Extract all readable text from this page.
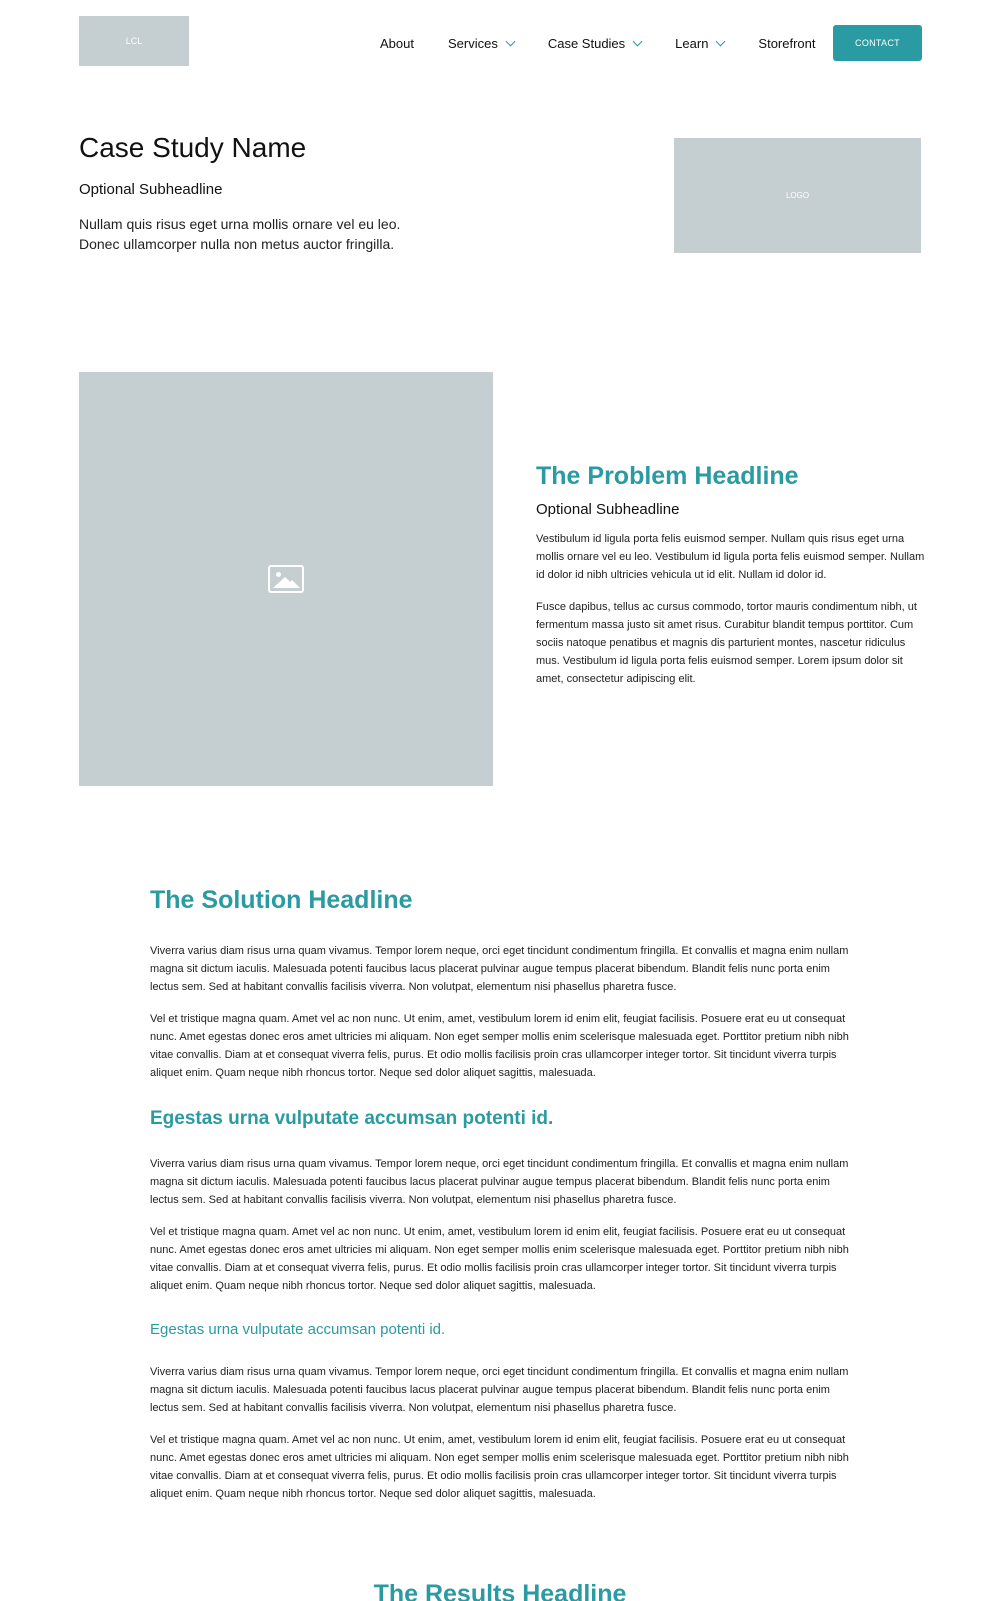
LCL	About	Services	Case Studies	Learn	Storefront	CONTACT
Case Study Name
Optional Subheadline

Nullam quis risus eget urna mollis ornare vel eu leo. Donec ullamcorper nulla non metus auctor fringilla.

LOGO
The Problem Headline
Optional Subheadline

Vestibulum id ligula porta felis euismod semper. Nullam quis risus eget urna mollis ornare vel eu leo. Vestibulum id ligula porta felis euismod semper. Nullam id dolor id nibh ultricies vehicula ut id elit. Nullam id dolor id.

Fusce dapibus, tellus ac cursus commodo, tortor mauris condimentum nibh, ut fermentum massa justo sit amet risus. Curabitur blandit tempus porttitor. Cum sociis natoque penatibus et magnis dis parturient montes, nascetur ridiculus mus. Vestibulum id ligula porta felis euismod semper. Lorem ipsum dolor sit amet, consectetur adipiscing elit.

The Solution Headline

Viverra varius diam risus urna quam vivamus. Tempor lorem neque, orci eget tincidunt condimentum fringilla. Et convallis et magna enim nullam magna sit dictum iaculis. Malesuada potenti faucibus lacus placerat pulvinar augue tempus placerat bibendum. Blandit felis nunc porta enim lectus sem. Sed at habitant convallis facilisis viverra. Non volutpat, elementum nisi phasellus pharetra fusce.

Vel et tristique magna quam. Amet vel ac non nunc. Ut enim, amet, vestibulum lorem id enim elit, feugiat facilisis. Posuere erat eu ut consequat nunc. Amet egestas donec eros amet ultricies mi aliquam. Non eget semper mollis enim scelerisque malesuada eget. Porttitor pretium nibh nibh vitae convallis. Diam at et consequat viverra felis, purus. Et odio mollis facilisis proin cras ullamcorper integer tortor. Sit tincidunt viverra turpis aliquet enim. Quam neque nibh rhoncus tortor. Neque sed dolor aliquet sagittis, malesuada.

Egestas urna vulputate accumsan potenti id.

Viverra varius diam risus urna quam vivamus. Tempor lorem neque, orci eget tincidunt condimentum fringilla. Et convallis et magna enim nullam magna sit dictum iaculis. Malesuada potenti faucibus lacus placerat pulvinar augue tempus placerat bibendum. Blandit felis nunc porta enim lectus sem. Sed at habitant convallis facilisis viverra. Non volutpat, elementum nisi phasellus pharetra fusce.

Vel et tristique magna quam. Amet vel ac non nunc. Ut enim, amet, vestibulum lorem id enim elit, feugiat facilisis. Posuere erat eu ut consequat nunc. Amet egestas donec eros amet ultricies mi aliquam. Non eget semper mollis enim scelerisque malesuada eget. Porttitor pretium nibh nibh vitae convallis. Diam at et consequat viverra felis, purus. Et odio mollis facilisis proin cras ullamcorper integer tortor. Sit tincidunt viverra turpis aliquet enim. Quam neque nibh rhoncus tortor. Neque sed dolor aliquet sagittis, malesuada.

Egestas urna vulputate accumsan potenti id.

Viverra varius diam risus urna quam vivamus. Tempor lorem neque, orci eget tincidunt condimentum fringilla. Et convallis et magna enim nullam magna sit dictum iaculis. Malesuada potenti faucibus lacus placerat pulvinar augue tempus placerat bibendum. Blandit felis nunc porta enim lectus sem. Sed at habitant convallis facilisis viverra. Non volutpat, elementum nisi phasellus pharetra fusce.

Vel et tristique magna quam. Amet vel ac non nunc. Ut enim, amet, vestibulum lorem id enim elit, feugiat facilisis. Posuere erat eu ut consequat nunc. Amet egestas donec eros amet ultricies mi aliquam. Non eget semper mollis enim scelerisque malesuada eget. Porttitor pretium nibh nibh vitae convallis. Diam at et consequat viverra felis, purus. Et odio mollis facilisis proin cras ullamcorper integer tortor. Sit tincidunt viverra turpis aliquet enim. Quam neque nibh rhoncus tortor. Neque sed dolor aliquet sagittis, malesuada.

The Results Headline
